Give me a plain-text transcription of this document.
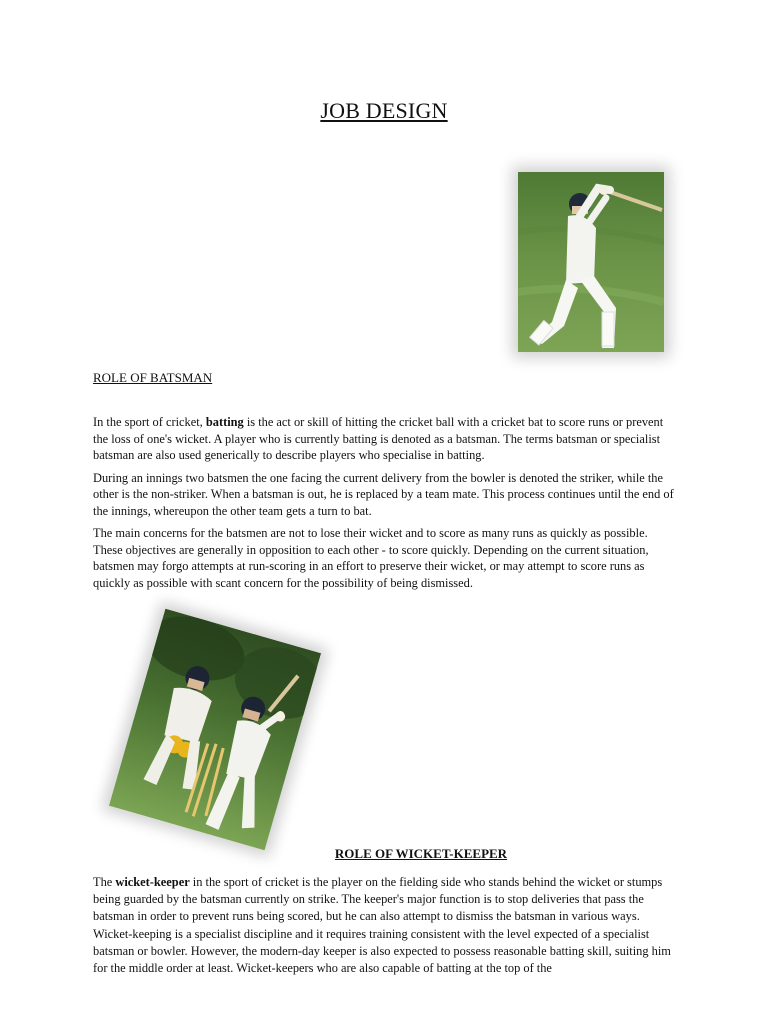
JOB DESIGN
ROLE OF BATSMAN

In the sport of cricket, batting is the act or skill of hitting the cricket ball with a cricket bat to score runs or prevent the loss of one's wicket. A player who is currently batting is denoted as a batsman. The terms batsman or specialist batsman are also used generically to describe players who specialise in batting.

During an innings two batsmen the one facing the current delivery from the bowler is denoted the striker, while the other is the non-striker. When a batsman is out, he is replaced by a team mate. This process continues until the end of the innings, whereupon the other team gets a turn to bat.

The main concerns for the batsmen are not to lose their wicket and to score as many runs as quickly as possible. These objectives are generally in opposition to each other - to score quickly. Depending on the current situation, batsmen may forgo attempts at run-scoring in an effort to preserve their wicket, or may attempt to score runs as quickly as possible with scant concern for the possibility of being dismissed.

ROLE OF WICKET-KEEPER

The wicket-keeper in the sport of cricket is the player on the fielding side who stands behind the wicket or stumps being guarded by the batsman currently on strike. The keeper's major function is to stop deliveries that pass the batsman in order to prevent runs being scored, but he can also attempt to dismiss the batsman in various ways. Wicket-keeping is a specialist discipline and it requires training consistent with the level expected of a specialist batsman or bowler. However, the modern-day keeper is also expected to possess reasonable batting skill, suiting him for the middle order at least. Wicket-keepers who are also capable of batting at the top of the
